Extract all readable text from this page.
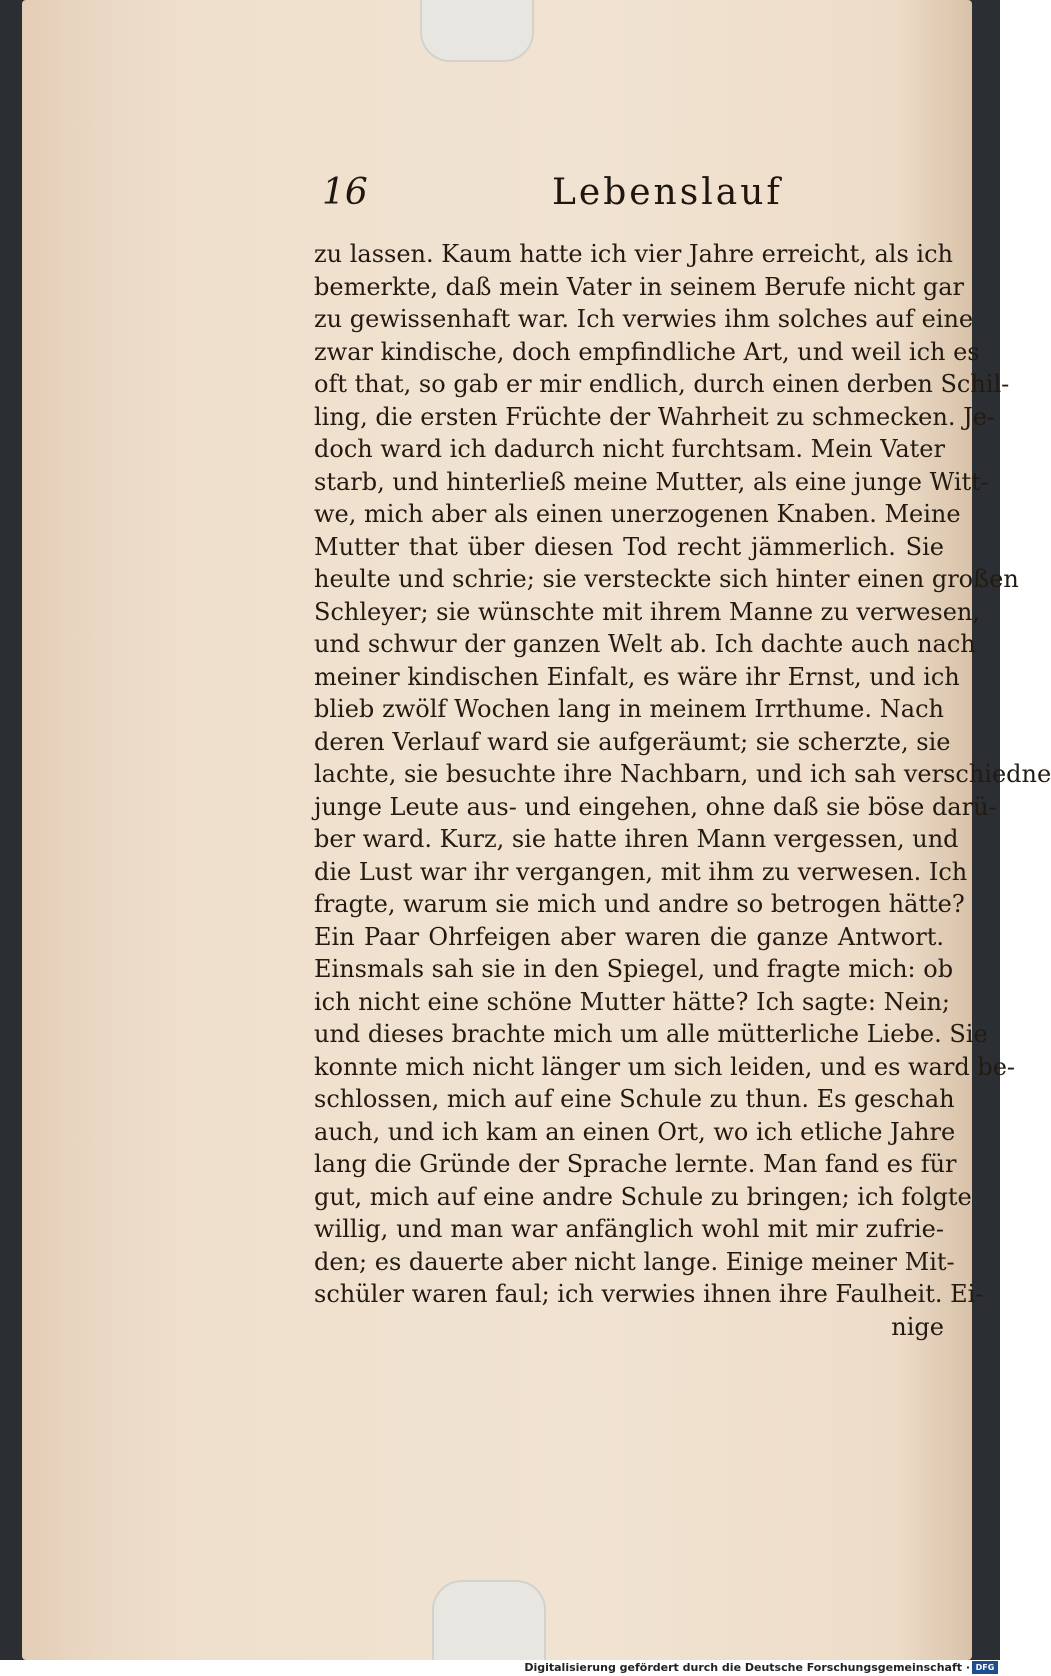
16	Lebenslauf
zu lassen. Kaum hatte ich vier Jahre erreicht, als ich
bemerkte, daß mein Vater in seinem Berufe nicht gar
zu gewissenhaft war. Ich verwies ihm solches auf eine
zwar kindische, doch empfindliche Art, und weil ich es
oft that, so gab er mir endlich, durch einen derben Schil-
ling, die ersten Früchte der Wahrheit zu schmecken. Je-
doch ward ich dadurch nicht furchtsam. Mein Vater
starb, und hinterließ meine Mutter, als eine junge Witt-
we, mich aber als einen unerzogenen Knaben. Meine
Mutter that über diesen Tod recht jämmerlich. Sie
heulte und schrie; sie versteckte sich hinter einen großen
Schleyer; sie wünschte mit ihrem Manne zu verwesen,
und schwur der ganzen Welt ab. Ich dachte auch nach
meiner kindischen Einfalt, es wäre ihr Ernst, und ich
blieb zwölf Wochen lang in meinem Irrthume. Nach
deren Verlauf ward sie aufgeräumt; sie scherzte, sie
lachte, sie besuchte ihre Nachbarn, und ich sah verschiedne
junge Leute aus- und eingehen, ohne daß sie böse darü-
ber ward. Kurz, sie hatte ihren Mann vergessen, und
die Lust war ihr vergangen, mit ihm zu verwesen. Ich
fragte, warum sie mich und andre so betrogen hätte?
Ein Paar Ohrfeigen aber waren die ganze Antwort.
Einsmals sah sie in den Spiegel, und fragte mich: ob
ich nicht eine schöne Mutter hätte? Ich sagte: Nein;
und dieses brachte mich um alle mütterliche Liebe. Sie
konnte mich nicht länger um sich leiden, und es ward be-
schlossen, mich auf eine Schule zu thun. Es geschah
auch, und ich kam an einen Ort, wo ich etliche Jahre
lang die Gründe der Sprache lernte. Man fand es für
gut, mich auf eine andre Schule zu bringen; ich folgte
willig, und man war anfänglich wohl mit mir zufrie-
den; es dauerte aber nicht lange. Einige meiner Mit-
schüler waren faul; ich verwies ihnen ihre Faulheit. Ei-
nige
Digitalisierung gefördert durch die Deutsche Forschungsgemeinschaft · DFG
